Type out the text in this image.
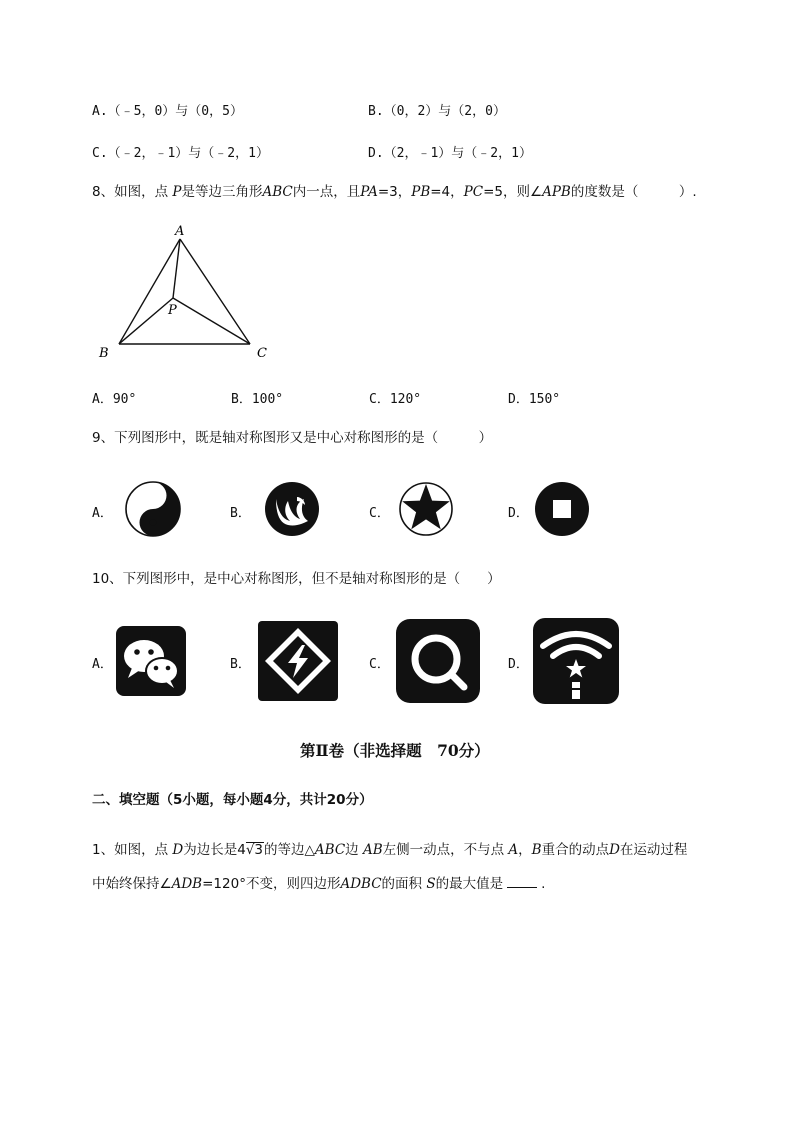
A.（﹣5，0）与（0，5）	B.（0，2）与（2，0）
C.（﹣2，﹣1）与（﹣2，1）	D.（2，﹣1）与（﹣2，1）
8、如图，点 P是等边三角形ABC内一点，且PA=3，PB=4，PC=5，则∠APB的度数是（　　　）.
A
B	C
P
A．90°	B．100°	C．120°	D．150°
9、下列图形中，既是轴对称图形又是中心对称图形的是（　　　）
A．	B．	C．	D．
10、下列图形中，是中心对称图形，但不是轴对称图形的是（　　）
A．	B．	C．	D．
第Ⅱ卷（非选择题　70分）
二、填空题（5小题，每小题4分，共计20分）
1、如图，点 D为边长是4√3的等边△ABC边 AB左侧一动点，不与点 A，B重合的动点D在运动过程
中始终保持∠ADB=120°不变，则四边形ADBC的面积 S的最大值是	.
